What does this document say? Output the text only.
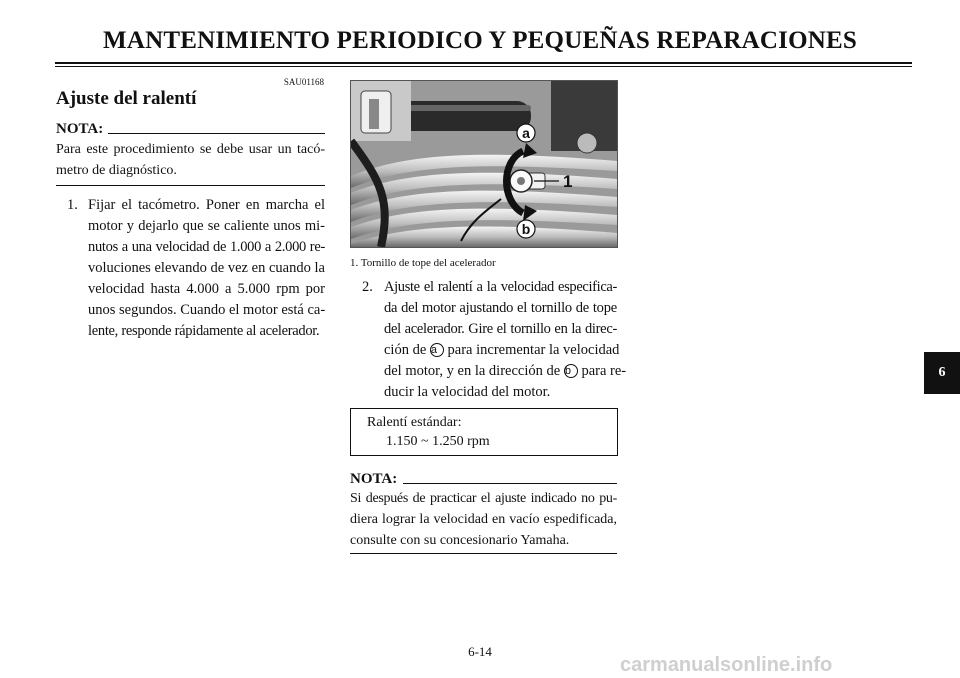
MANTENIMIENTO PERIODICO Y PEQUEÑAS REPARACIONES
SAU01168
Ajuste del ralentí
NOTA:
Para este procedimiento se debe usar un tacó-
metro de diagnóstico.
1. Fijar el tacómetro. Poner en marcha el
motor y dejarlo que se caliente unos mi-
nutos a una velocidad de 1.000 a 2.000 re-
voluciones elevando de vez en cuando la
velocidad hasta 4.000 a 5.000 rpm por
unos segundos. Cuando el motor está ca-
lente, responde rápidamente al acelerador.
a
b
1
1. Tornillo de tope del acelerador
2. Ajuste el ralentí a la velocidad especifica-
da del motor ajustando el tornillo de tope
del acelerador. Gire el tornillo en la direc-
ción de a para incrementar la velocidad
del motor, y en la dirección de b para re-
ducir la velocidad del motor.
Ralentí estándar:
1.150 ~ 1.250 rpm
NOTA:
Si después de practicar el ajuste indicado no pu-
diera lograr la velocidad en vacío espedificada,
consulte con su concesionario Yamaha.
6
6-14
carmanualsonline.info
